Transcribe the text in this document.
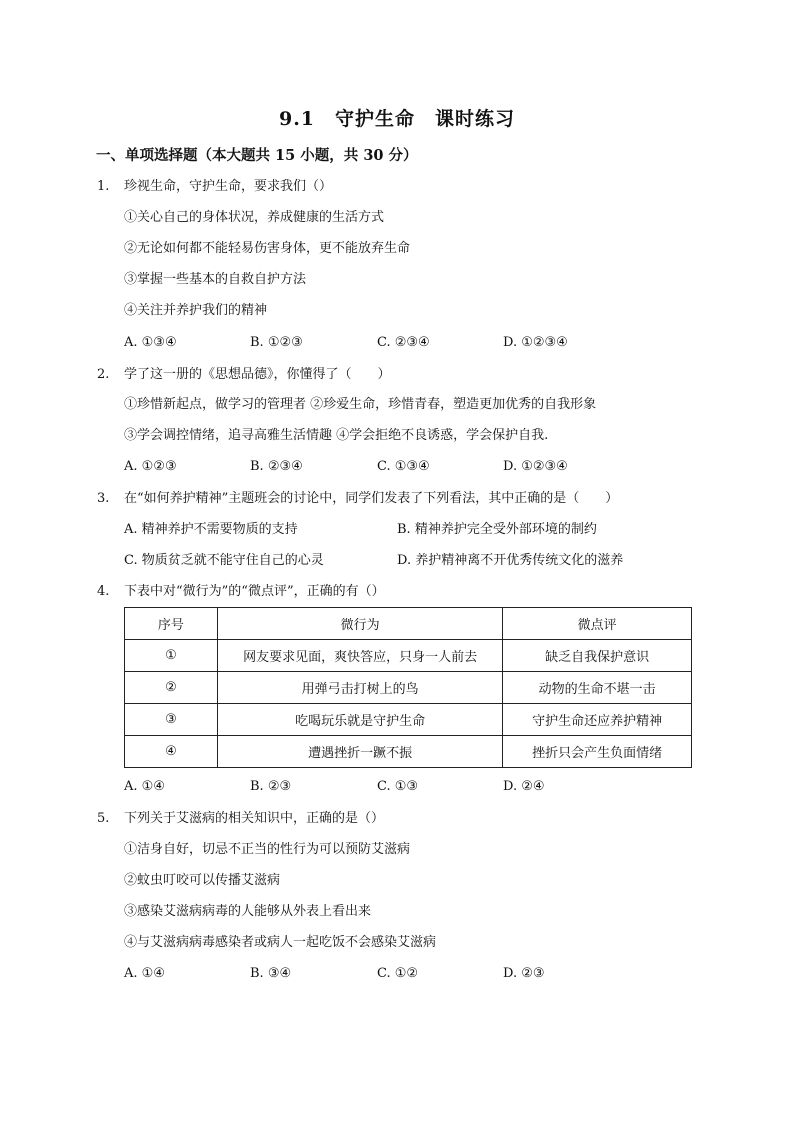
9.1　守护生命　课时练习
一、单项选择题（本大题共 15 小题，共 30 分）
1. 珍视生命，守护生命，要求我们（）
①关心自己的身体状况，养成健康的生活方式
②无论如何都不能轻易伤害身体，更不能放弃生命
③掌握一些基本的自救自护方法
④关注并养护我们的精神
A. ①③④	B. ①②③	C. ②③④	D. ①②③④
2. 学了这一册的《思想品德》，你懂得了（　　）
①珍惜新起点，做学习的管理者 ②珍爱生命，珍惜青春，塑造更加优秀的自我形象
③学会调控情绪，追寻高雅生活情趣 ④学会拒绝不良诱惑，学会保护自我.
A. ①②③	B. ②③④	C. ①③④	D. ①②③④
3. 在“如何养护精神”主题班会的讨论中，同学们发表了下列看法，其中正确的是（　　）
A. 精神养护不需要物质的支持	B. 精神养护完全受外部环境的制约
C. 物质贫乏就不能守住自己的心灵	D. 养护精神离不开优秀传统文化的滋养
4. 下表中对“微行为”的“微点评”，正确的有（）
序号	微行为	微点评
①	网友要求见面，爽快答应，只身一人前去	缺乏自我保护意识
②	用弹弓击打树上的鸟	动物的生命不堪一击
③	吃喝玩乐就是守护生命	守护生命还应养护精神
④	遭遇挫折一蹶不振	挫折只会产生负面情绪
A. ①④	B. ②③	C. ①③	D. ②④
5. 下列关于艾滋病的相关知识中，正确的是（）
①洁身自好，切忌不正当的性行为可以预防艾滋病
②蚊虫叮咬可以传播艾滋病
③感染艾滋病病毒的人能够从外表上看出来
④与艾滋病病毒感染者或病人一起吃饭不会感染艾滋病
A. ①④	B. ③④	C. ①②	D. ②③
